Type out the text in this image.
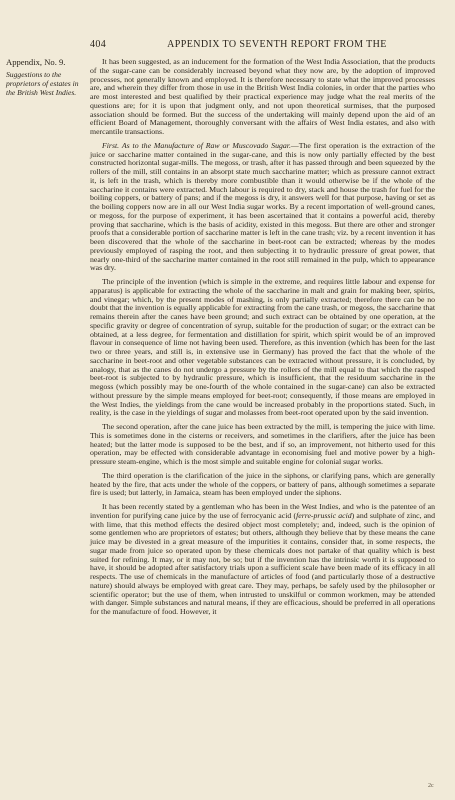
404	APPENDIX TO SEVENTH REPORT FROM THE
Appendix, No. 9.
Suggestions to the proprietors of estates in the British West Indies.

It has been suggested, as an inducement for the formation of the West India Association, that the products of the sugar-cane can be considerably increased beyond what they now are, by the adoption of improved processes, not generally known and employed. It is therefore necessary to state what the improved processes are, and wherein they differ from those in use in the British West India colonies, in order that the parties who are most interested and best qualified by their practical experience may judge what the real merits of the questions are; for it is upon that judgment only, and not upon theoretical surmises, that the purposed association should be formed. But the success of the undertaking will mainly depend upon the aid of an efficient Board of Management, thoroughly conversant with the affairs of West India estates, and also with mercantile transactions.

First. As to the Manufacture of Raw or Muscovado Sugar.—The first operation is the extraction of the juice or saccharine matter contained in the sugar-cane, and this is now only partially effected by the best constructed horizontal sugar-mills. The megoss, or trash, after it has passed through and been squeezed by the rollers of the mill, still contains in an absorpt state much saccharine matter; which as pressure cannot extract it, is left in the trash, which is thereby more combustible than it would otherwise be if the whole of the saccharine it contains were extracted. Much labour is required to dry, stack and house the trash for fuel for the boiling coppers, or battery of pans; and if the megoss is dry, it answers well for that purpose, having or set as the boiling coppers now are in all our West India sugar works. By a recent importation of well-ground canes, or megoss, for the purpose of experiment, it has been ascertained that it contains a powerful acid, thereby proving that saccharine, which is the basis of acidity, existed in this megoss. But there are other and stronger proofs that a considerable portion of saccharine matter is left in the cane trash; viz. by a recent invention it has been discovered that the whole of the saccharine in beet-root can be extracted; whereas by the modes previously employed of rasping the root, and then subjecting it to hydraulic pressure of great power, that nearly one-third of the saccharine matter contained in the root still remained in the pulp, which to appearance was dry.

The principle of the invention (which is simple in the extreme, and requires little labour and expense for apparatus) is applicable for extracting the whole of the saccharine in malt and grain for making beer, spirits, and vinegar; which, by the present modes of mashing, is only partially extracted; therefore there can be no doubt that the invention is equally applicable for extracting from the cane trash, or megoss, the saccharine that remains therein after the canes have been ground; and such extract can be obtained by one operation, at the specific gravity or degree of concentration of syrup, suitable for the production of sugar; or the extract can be obtained, at a less degree, for fermentation and distillation for spirit, which spirit would be of an improved flavour in consequence of lime not having been used. Therefore, as this invention (which has been for the last two or three years, and still is, in extensive use in Germany) has proved the fact that the whole of the saccharine in beet-root and other vegetable substances can be extracted without pressure, it is concluded, by analogy, that as the canes do not undergo a pressure by the rollers of the mill equal to that which the rasped beet-root is subjected to by hydraulic pressure, which is insufficient, that the residuum saccharine in the megoss (which possibly may be one-fourth of the whole contained in the sugar-cane) can also be extracted without pressure by the simple means employed for beet-root; consequently, if those means are employed in the West Indies, the yieldings from the cane would be increased probably in the proportions stated. Such, in reality, is the case in the yieldings of sugar and molasses from beet-root operated upon by the said invention.

The second operation, after the cane juice has been extracted by the mill, is tempering the juice with lime. This is sometimes done in the cisterns or receivers, and sometimes in the clarifiers, after the juice has been heated; but the latter mode is supposed to be the best, and if so, an improvement, not hitherto used for this operation, may be effected with considerable advantage in economising fuel and motive power by a high-pressure steam-engine, which is the most simple and suitable engine for colonial sugar works.

The third operation is the clarification of the juice in the siphons, or clarifying pans, which are generally heated by the fire, that acts under the whole of the coppers, or battery of pans, although sometimes a separate fire is used; but latterly, in Jamaica, steam has been employed under the siphons.

It has been recently stated by a gentleman who has been in the West Indies, and who is the patentee of an invention for purifying cane juice by the use of ferrocyanic acid (ferre-prussic acid) and sulphate of zinc, and with lime, that this method effects the desired object most completely; and, indeed, such is the opinion of some gentlemen who are proprietors of estates; but others, although they believe that by these means the cane juice may be divested in a great measure of the impurities it contains, consider that, in some respects, the sugar made from juice so operated upon by these chemicals does not partake of that quality which is best suited for refining. It may, or it may not, be so; but if the invention has the intrinsic worth it is supposed to have, it should be adopted after satisfactory trials upon a sufficient scale have been made of its efficacy in all respects. The use of chemicals in the manufacture of articles of food (and particularly those of a destructive nature) should always be employed with great care. They may, perhaps, be safely used by the philosopher or scientific operator; but the use of them, when intrusted to unskilful or common workmen, may be attended with danger. Simple substances and natural means, if they are efficacious, should be preferred in all operations for the manufacture of food. However, it

2c
